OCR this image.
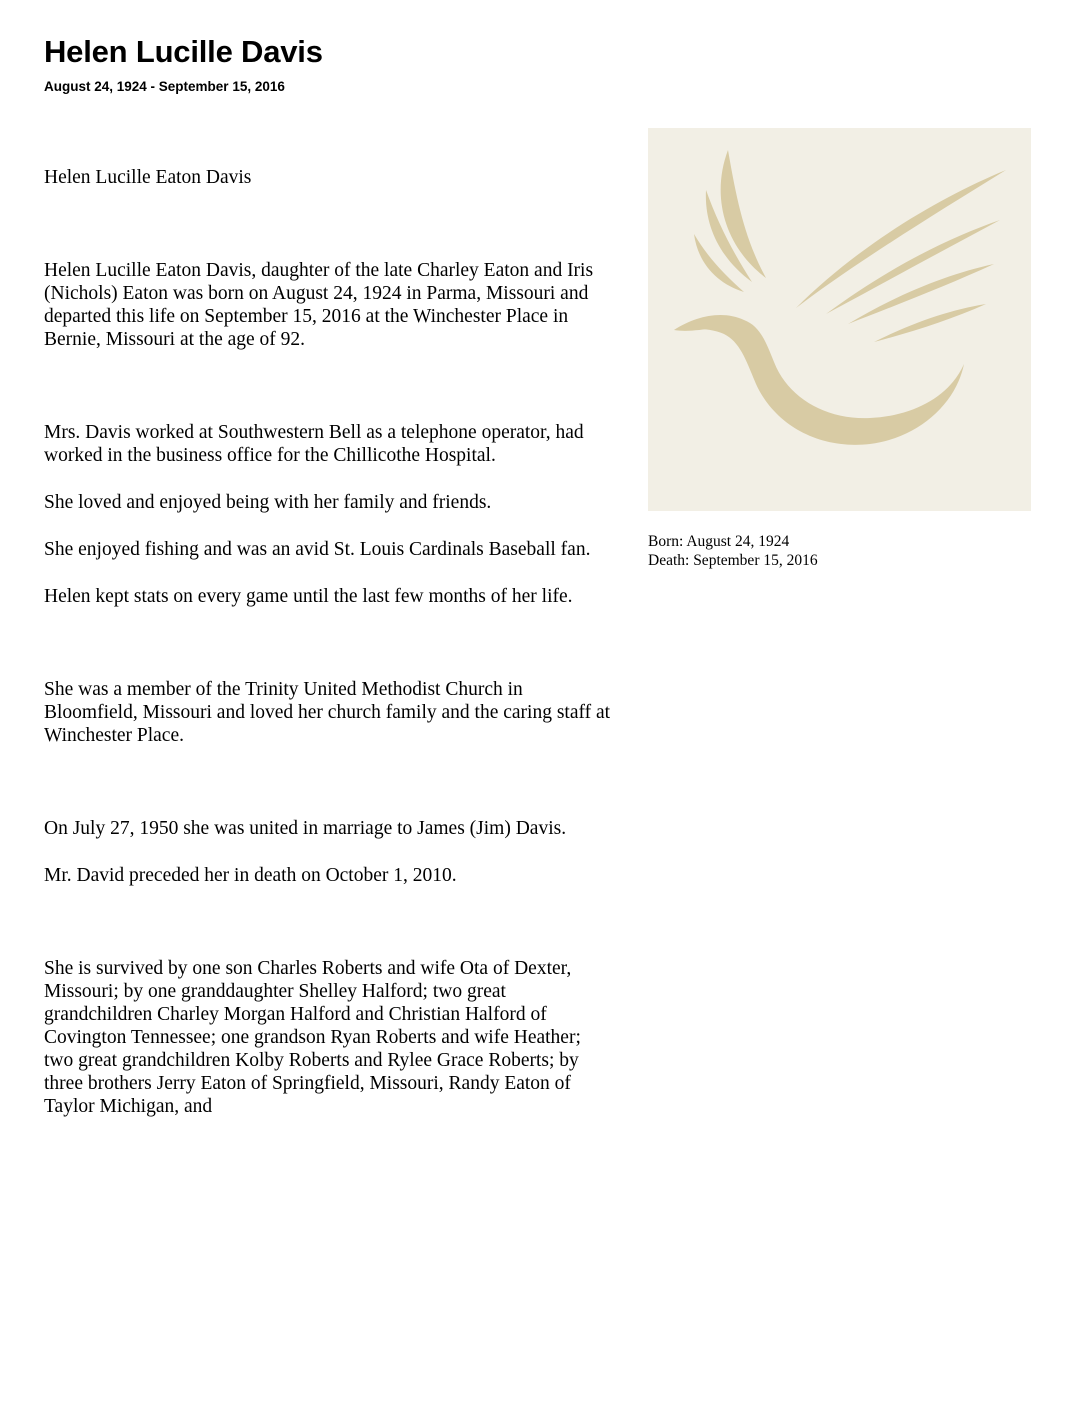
Helen Lucille Davis
August 24, 1924 - September 15, 2016

Helen Lucille Eaton Davis

Helen Lucille Eaton Davis, daughter of the late Charley Eaton and Iris (Nichols) Eaton was born on August 24, 1924 in Parma, Missouri and departed this life on September 15, 2016 at the Winchester Place in Bernie, Missouri at the age of 92.

Mrs. Davis worked at Southwestern Bell as a telephone operator, had worked in the business office for the Chillicothe Hospital.

She loved and enjoyed being with her family and friends.

She enjoyed fishing and was an avid St. Louis Cardinals Baseball fan.

Helen kept stats on every game until the last few months of her life.

She was a member of the Trinity United Methodist Church in Bloomfield, Missouri and loved her church family and the caring staff at Winchester Place.

On July 27, 1950 she was united in marriage to James (Jim) Davis.

Mr. David preceded her in death on October 1, 2010.

She is survived by one son Charles Roberts and wife Ota of Dexter, Missouri; by one granddaughter Shelley Halford; two great grandchildren Charley Morgan Halford and Christian Halford of Covington Tennessee; one grandson Ryan Roberts and wife Heather; two great grandchildren Kolby Roberts and Rylee Grace Roberts; by three brothers Jerry Eaton of Springfield, Missouri, Randy Eaton of Taylor Michigan, and

Born: August 24, 1924
Death: September 15, 2016
